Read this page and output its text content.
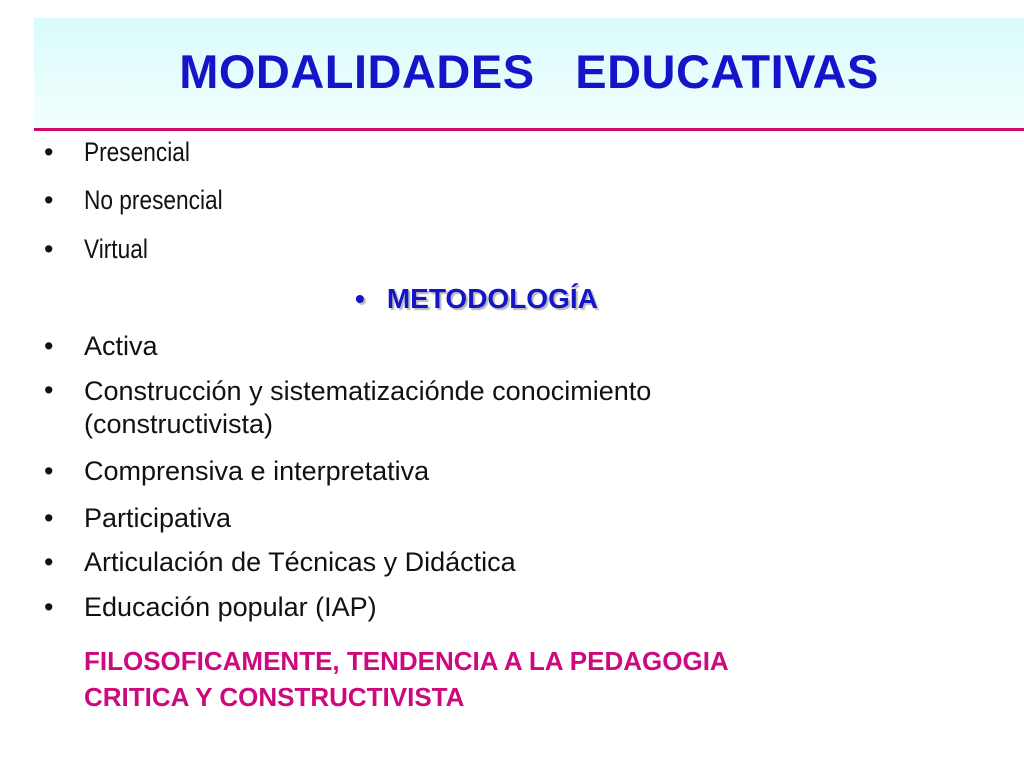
MODALIDADES   EDUCATIVAS
• Presencial
• No presencial
• Virtual
• METODOLOGÍA
• Activa
• Construcción y sistematizaciónde conocimiento (constructivista)
• Comprensiva e interpretativa
• Participativa
• Articulación de Técnicas y Didáctica
• Educación popular (IAP)
FILOSOFICAMENTE, TENDENCIA A LA PEDAGOGIA
CRITICA Y CONSTRUCTIVISTA
